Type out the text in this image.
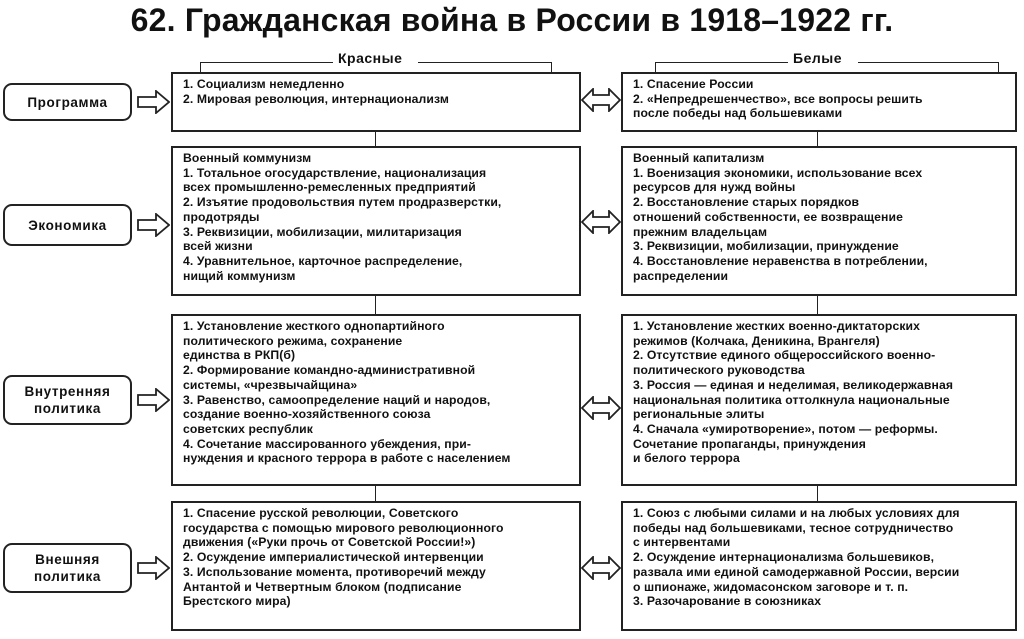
62. Гражданская война в России в 1918–1922 гг.
Красные	Белые
Программа
1. Социализм немедленно
2. Мировая революция, интернационализм
1. Спасение России
2. «Непредрешенчество», все вопросы решить
после победы над большевиками
Экономика
Военный коммунизм
1. Тотальное огосударствление, национализация
всех промышленно-ремесленных предприятий
2. Изъятие продовольствия путем продразверстки,
продотряды
3. Реквизиции, мобилизации, милитаризация
всей жизни
4. Уравнительное, карточное распределение,
нищий коммунизм
Военный капитализм
1. Военизация экономики, использование всех
ресурсов для нужд войны
2. Восстановление старых порядков
отношений собственности, ее возвращение
прежним владельцам
3. Реквизиции, мобилизации, принуждение
4. Восстановление неравенства в потреблении,
распределении
Внутренняя
политика
1. Установление жесткого однопартийного
политического режима, сохранение
единства в РКП(б)
2. Формирование командно-административной
системы, «чрезвычайщина»
3. Равенство, самоопределение наций и народов,
создание военно-хозяйственного союза
советских республик
4. Сочетание массированного убеждения, при-
нуждения и красного террора в работе с населением
1. Установление жестких военно-диктаторских
режимов (Колчака, Деникина, Врангеля)
2. Отсутствие единого общероссийского военно-
политического руководства
3. Россия — единая и неделимая, великодержавная
национальная политика оттолкнула национальные
региональные элиты
4. Сначала «умиротворение», потом — реформы.
Сочетание пропаганды, принуждения
и белого террора
Внешняя
политика
1. Спасение русской революции, Советского
государства с помощью мирового революционного
движения («Руки прочь от Советской России!»)
2. Осуждение империалистической интервенции
3. Использование момента, противоречий между
Антантой и Четвертным блоком (подписание
Брестского мира)
1. Союз с любыми силами и на любых условиях для
победы над большевиками, тесное сотрудничество
с интервентами
2. Осуждение интернационализма большевиков,
развала ими единой самодержавной России, версии
о шпионаже, жидомасонском заговоре и т. п.
3. Разочарование в союзниках
